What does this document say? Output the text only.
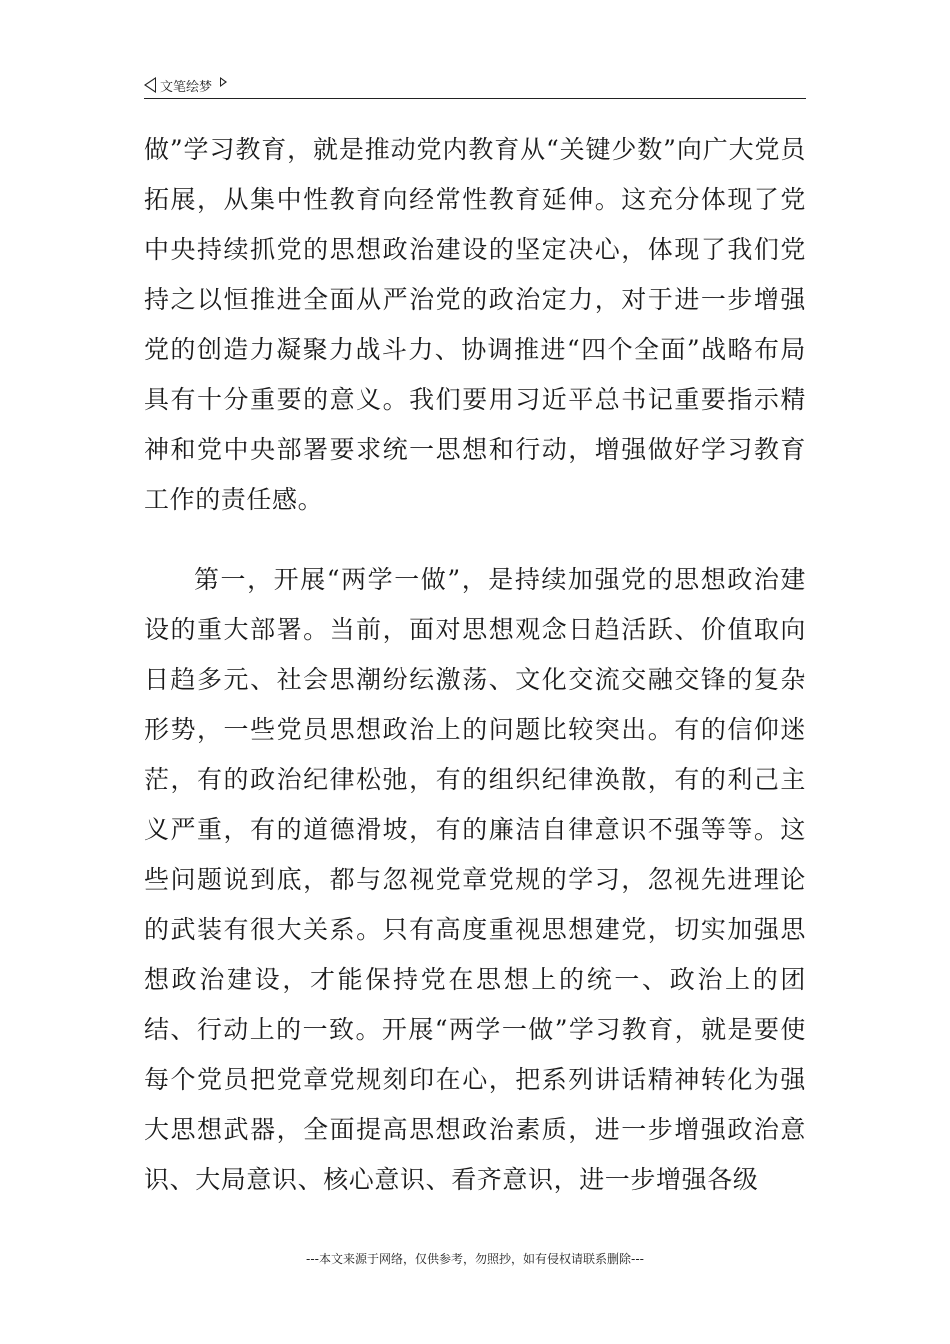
文笔绘梦

做”学习教育，就是推动党内教育从“关键少数”向广大党员拓展，从集中性教育向经常性教育延伸。这充分体现了党中央持续抓党的思想政治建设的坚定决心，体现了我们党持之以恒推进全面从严治党的政治定力，对于进一步增强党的创造力凝聚力战斗力、协调推进“四个全面”战略布局具有十分重要的意义。我们要用习近平总书记重要指示精神和党中央部署要求统一思想和行动，增强做好学习教育工作的责任感。

第一，开展“两学一做”，是持续加强党的思想政治建设的重大部署。当前，面对思想观念日趋活跃、价值取向日趋多元、社会思潮纷纭激荡、文化交流交融交锋的复杂形势，一些党员思想政治上的问题比较突出。有的信仰迷茫，有的政治纪律松弛，有的组织纪律涣散，有的利己主义严重，有的道德滑坡，有的廉洁自律意识不强等等。这些问题说到底，都与忽视党章党规的学习，忽视先进理论的武装有很大关系。只有高度重视思想建党，切实加强思想政治建设，才能保持党在思想上的统一、政治上的团结、行动上的一致。开展“两学一做”学习教育，就是要使每个党员把党章党规刻印在心，把系列讲话精神转化为强大思想武器，全面提高思想政治素质，进一步增强政治意识、大局意识、核心意识、看齐意识，进一步增强各级

---本文来源于网络，仅供参考，勿照抄，如有侵权请联系删除---
